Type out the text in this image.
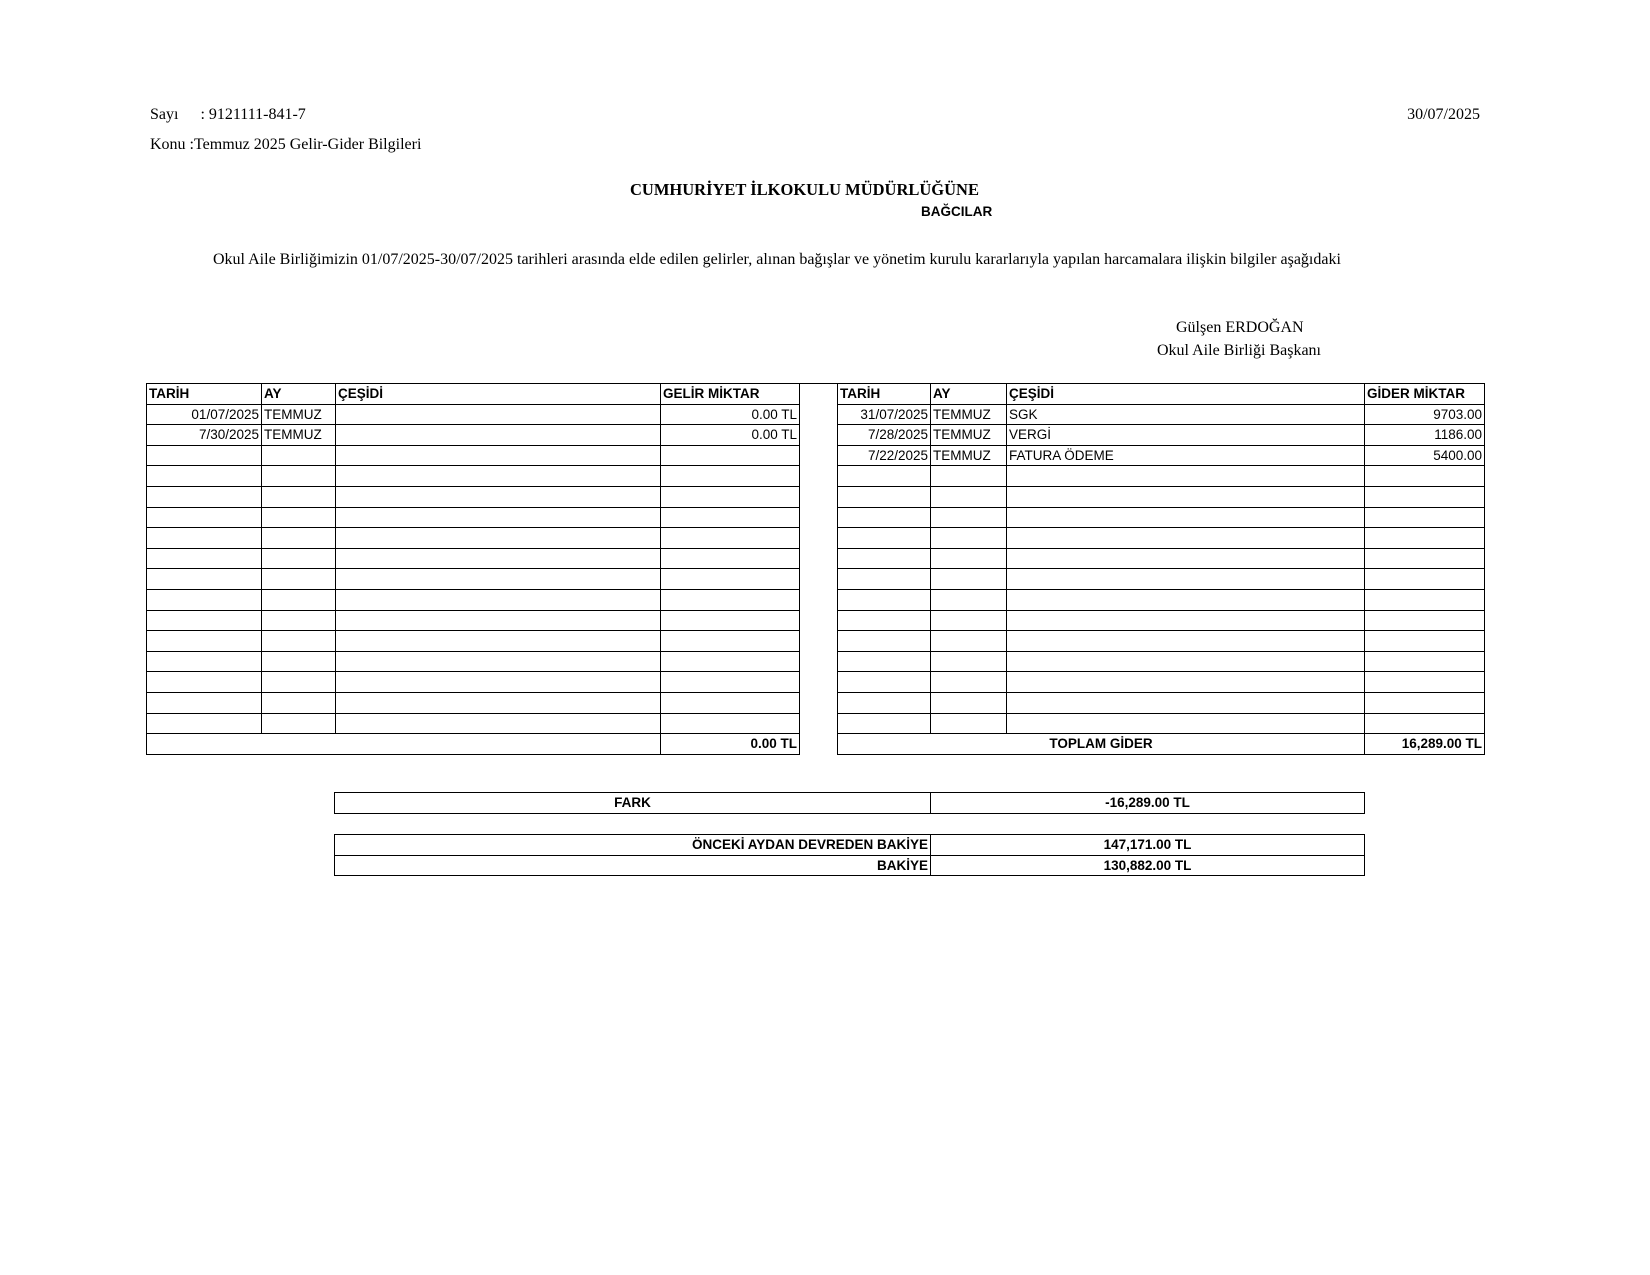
Sayı : 9121111-841-7	30/07/2025
Konu :Temmuz 2025 Gelir-Gider Bilgileri
CUMHURİYET İLKOKULU MÜDÜRLÜĞÜNE
BAĞCILAR
Okul Aile Birliğimizin 01/07/2025-30/07/2025 tarihleri arasında elde edilen gelirler, alınan bağışlar ve yönetim kurulu kararlarıyla yapılan harcamalara ilişkin bilgiler aşağıdaki
Gülşen ERDOĞAN
Okul Aile Birliği Başkanı
TARİH	AY	ÇEŞİDİ	GELİR MİKTAR		TARİH	AY	ÇEŞİDİ	GİDER MİKTAR
01/07/2025	TEMMUZ		0.00 TL		31/07/2025	TEMMUZ	SGK	9703.00
7/30/2025	TEMMUZ		0.00 TL		7/28/2025	TEMMUZ	VERGİ	1186.00
					7/22/2025	TEMMUZ	FATURA ÖDEME	5400.00

			0.00 TL		TOPLAM GİDER			16,289.00 TL
FARK	-16,289.00 TL
ÖNCEKİ AYDAN DEVREDEN BAKİYE	147,171.00 TL
BAKİYE	130,882.00 TL
